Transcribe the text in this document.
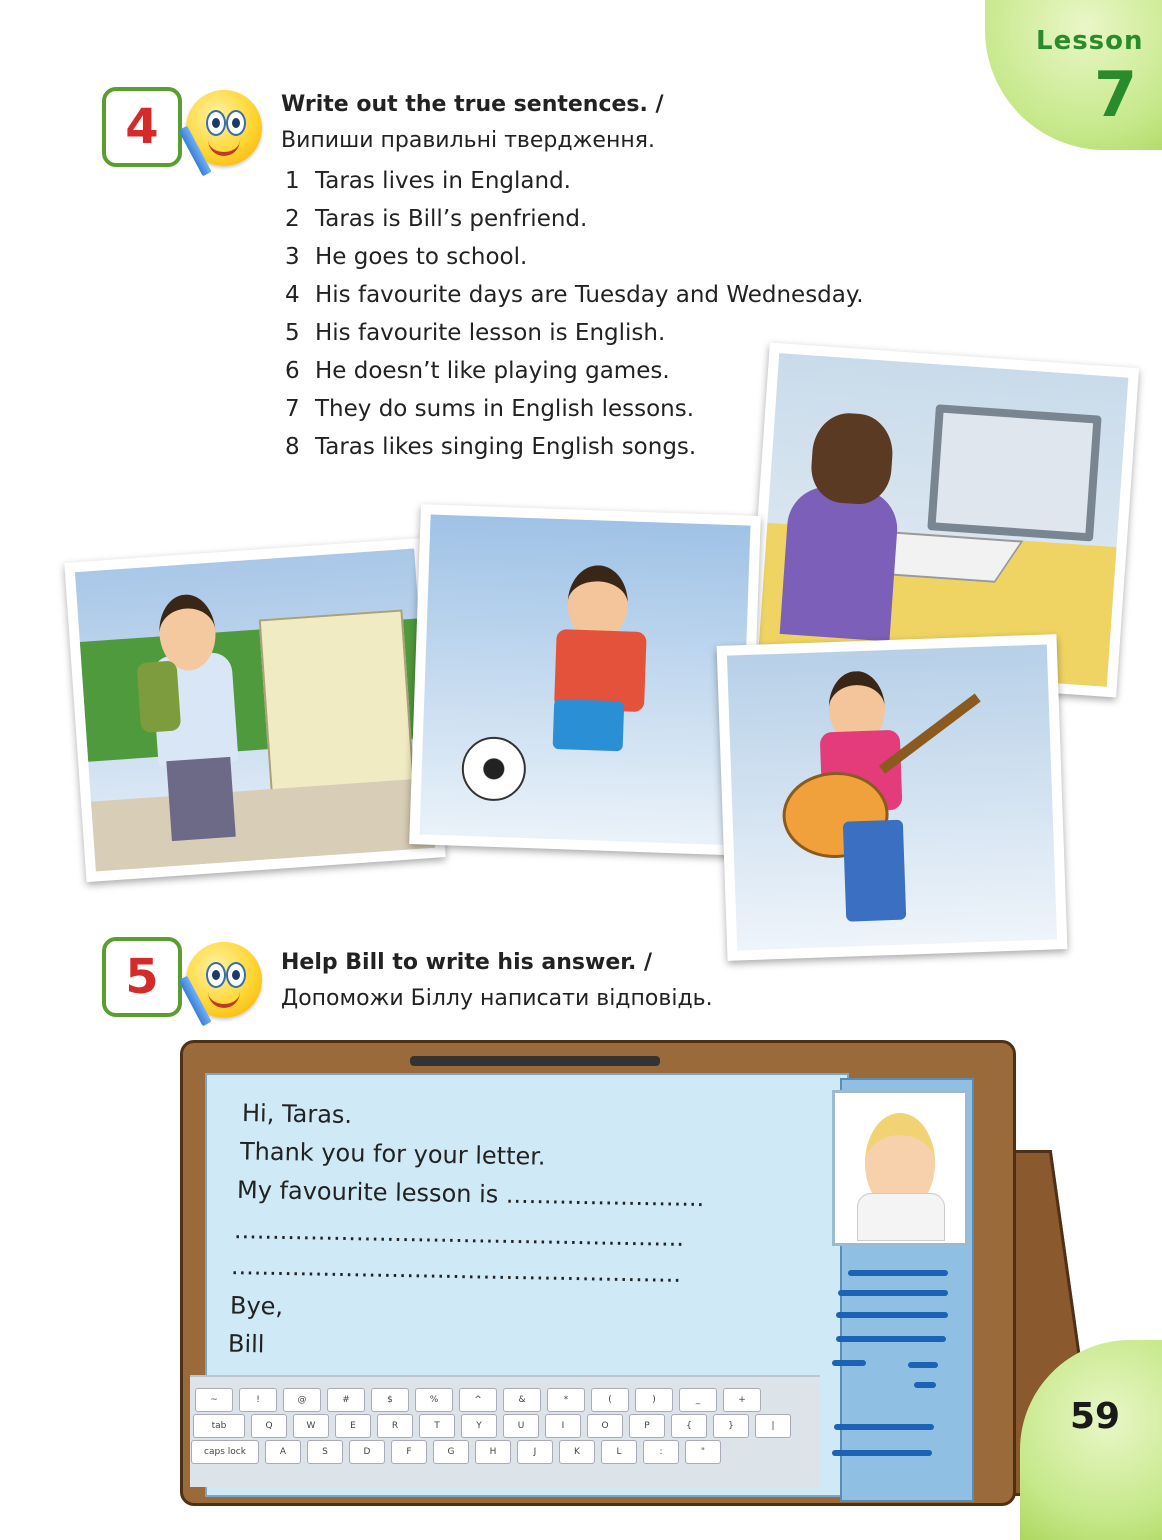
Lesson
7
4	Write out the true sentences. /
Випиши правильні твердження.
1 Taras lives in England.
2 Taras is Bill’s penfriend.
3 He goes to school.
4 His favourite days are Tuesday and Wednesday.
5 His favourite lesson is English.
6 He doesn’t like playing games.
7 They do sums in English lessons.
8 Taras likes singing English songs.
5	Help Bill to write his answer. /
Допоможи Біллу написати відповідь.
Hi, Taras.
Thank you for your letter.
My favourite lesson is ..........................
...........................................................
...........................................................
Bye,
Bill
~	!	@	#	$	%	^	&	*	(	)	_	+
tab	Q	W	E	R	T	Y	U	I	O	P	{	}	|
caps lock	A	S	D	F	G	H	J	K	L	:	"
59
